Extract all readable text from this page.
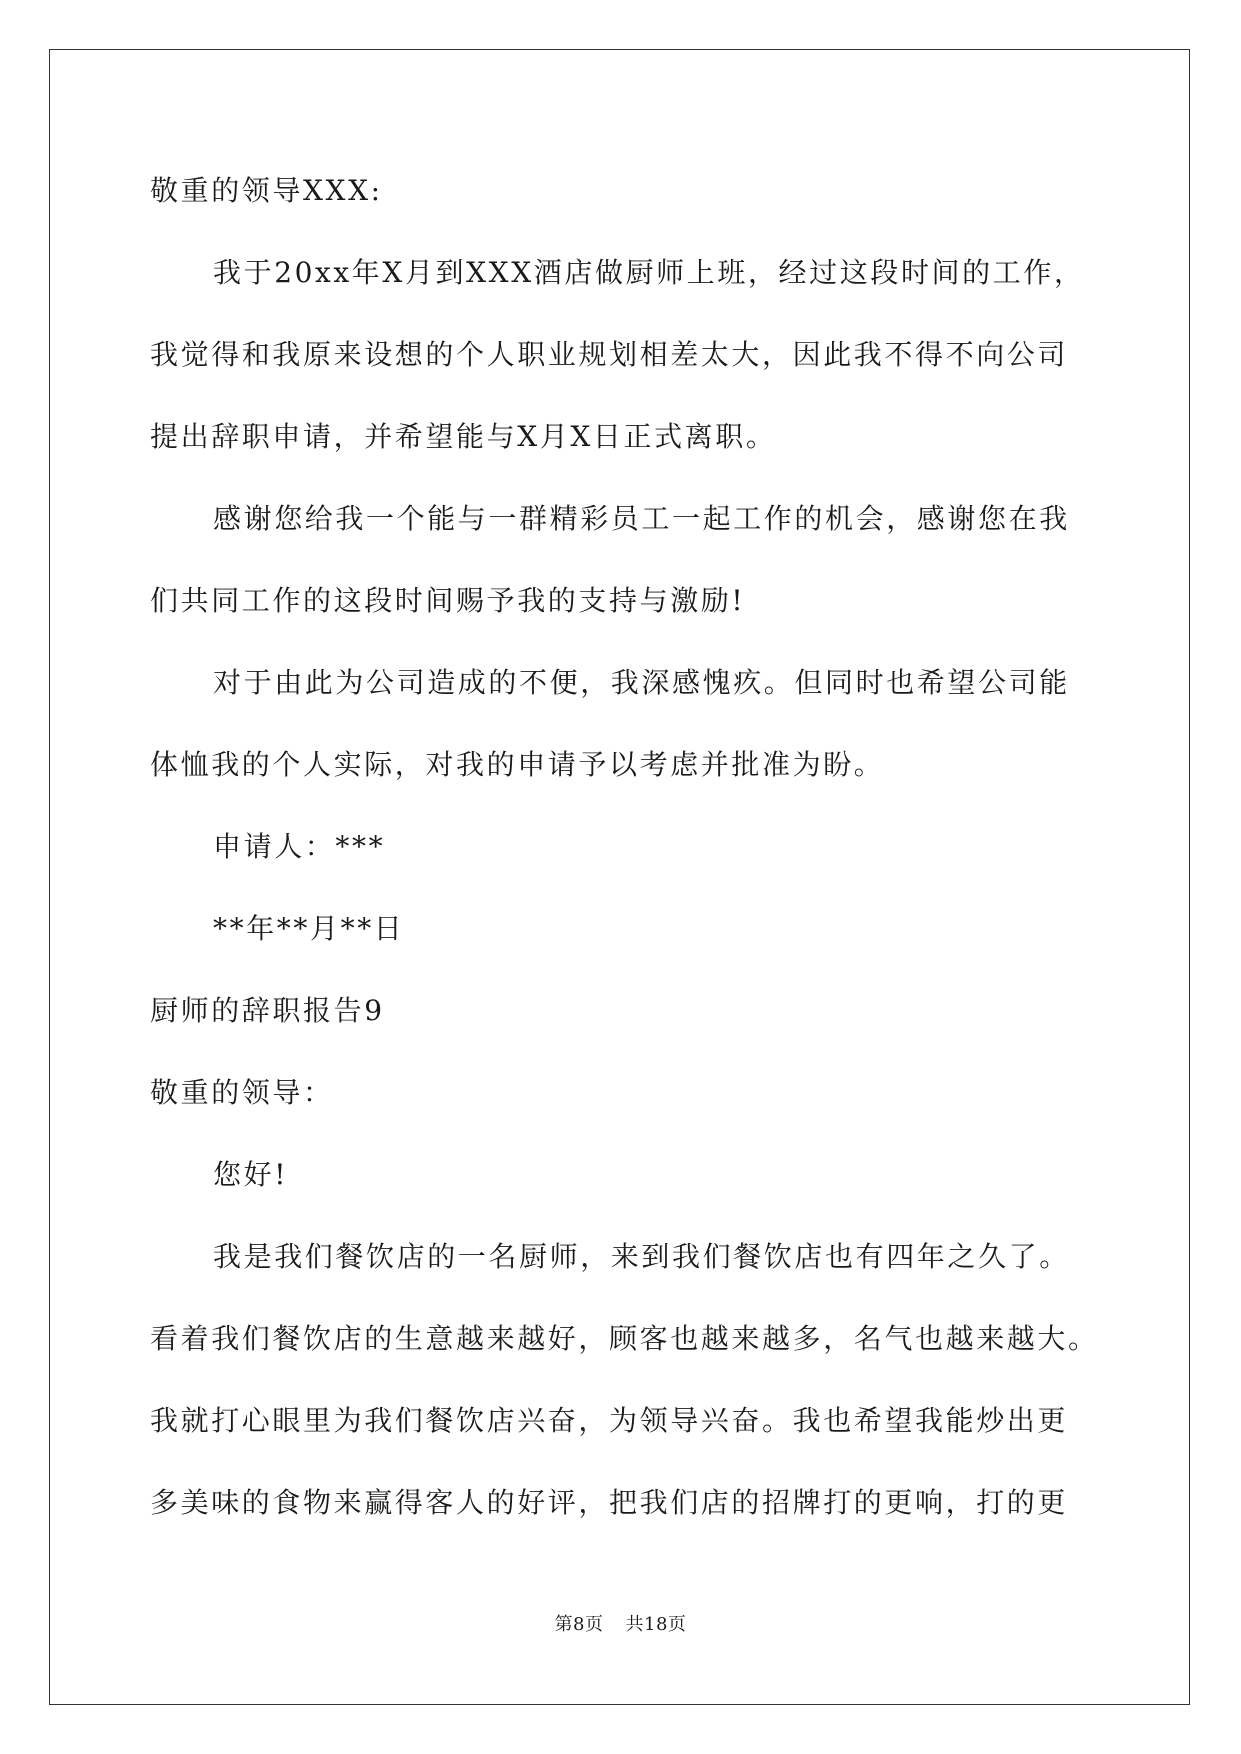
敬重的领导XXX:
我于20xx年X月到XXX酒店做厨师上班，经过这段时间的工作，
我觉得和我原来设想的个人职业规划相差太大，因此我不得不向公司
提出辞职申请，并希望能与X月X日正式离职。
感谢您给我一个能与一群精彩员工一起工作的机会，感谢您在我
们共同工作的这段时间赐予我的支持与激励!
对于由此为公司造成的不便，我深感愧疚。但同时也希望公司能
体恤我的个人实际，对我的申请予以考虑并批准为盼。
申请人：***
**年**月**日
厨师的辞职报告9
敬重的领导：
您好!
我是我们餐饮店的一名厨师，来到我们餐饮店也有四年之久了。
看着我们餐饮店的生意越来越好，顾客也越来越多，名气也越来越大。
我就打心眼里为我们餐饮店兴奋，为领导兴奋。我也希望我能炒出更
多美味的食物来赢得客人的好评，把我们店的招牌打的更响，打的更
第8页 共18页
